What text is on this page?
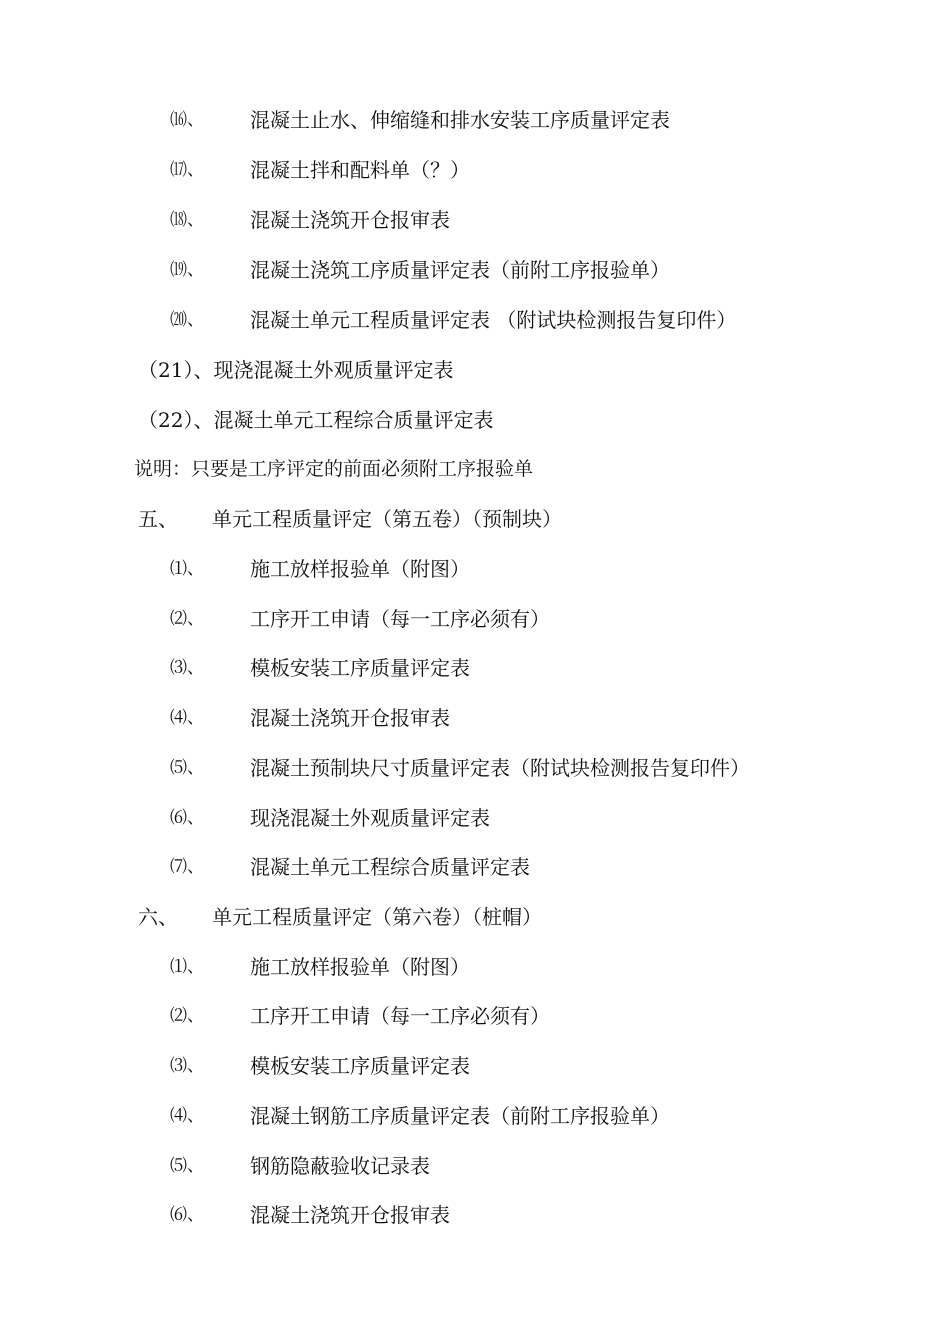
⒃、 混凝土止水、伸缩缝和排水安装工序质量评定表
⒄、 混凝土拌和配料单（？）
⒅、 混凝土浇筑开仓报审表
⒆、 混凝土浇筑工序质量评定表（前附工序报验单）
⒇、 混凝土单元工程质量评定表 （附试块检测报告复印件）
（21）、现浇混凝土外观质量评定表
（22）、混凝土单元工程综合质量评定表
说明：只要是工序评定的前面必须附工序报验单
五、 单元工程质量评定（第五卷）（预制块）
⑴、 施工放样报验单（附图）
⑵、 工序开工申请（每一工序必须有）
⑶、 模板安装工序质量评定表
⑷、 混凝土浇筑开仓报审表
⑸、 混凝土预制块尺寸质量评定表（附试块检测报告复印件）
⑹、 现浇混凝土外观质量评定表
⑺、 混凝土单元工程综合质量评定表
六、 单元工程质量评定（第六卷）（桩帽）
⑴、 施工放样报验单（附图）
⑵、 工序开工申请（每一工序必须有）
⑶、 模板安装工序质量评定表
⑷、 混凝土钢筋工序质量评定表（前附工序报验单）
⑸、 钢筋隐蔽验收记录表
⑹、 混凝土浇筑开仓报审表
